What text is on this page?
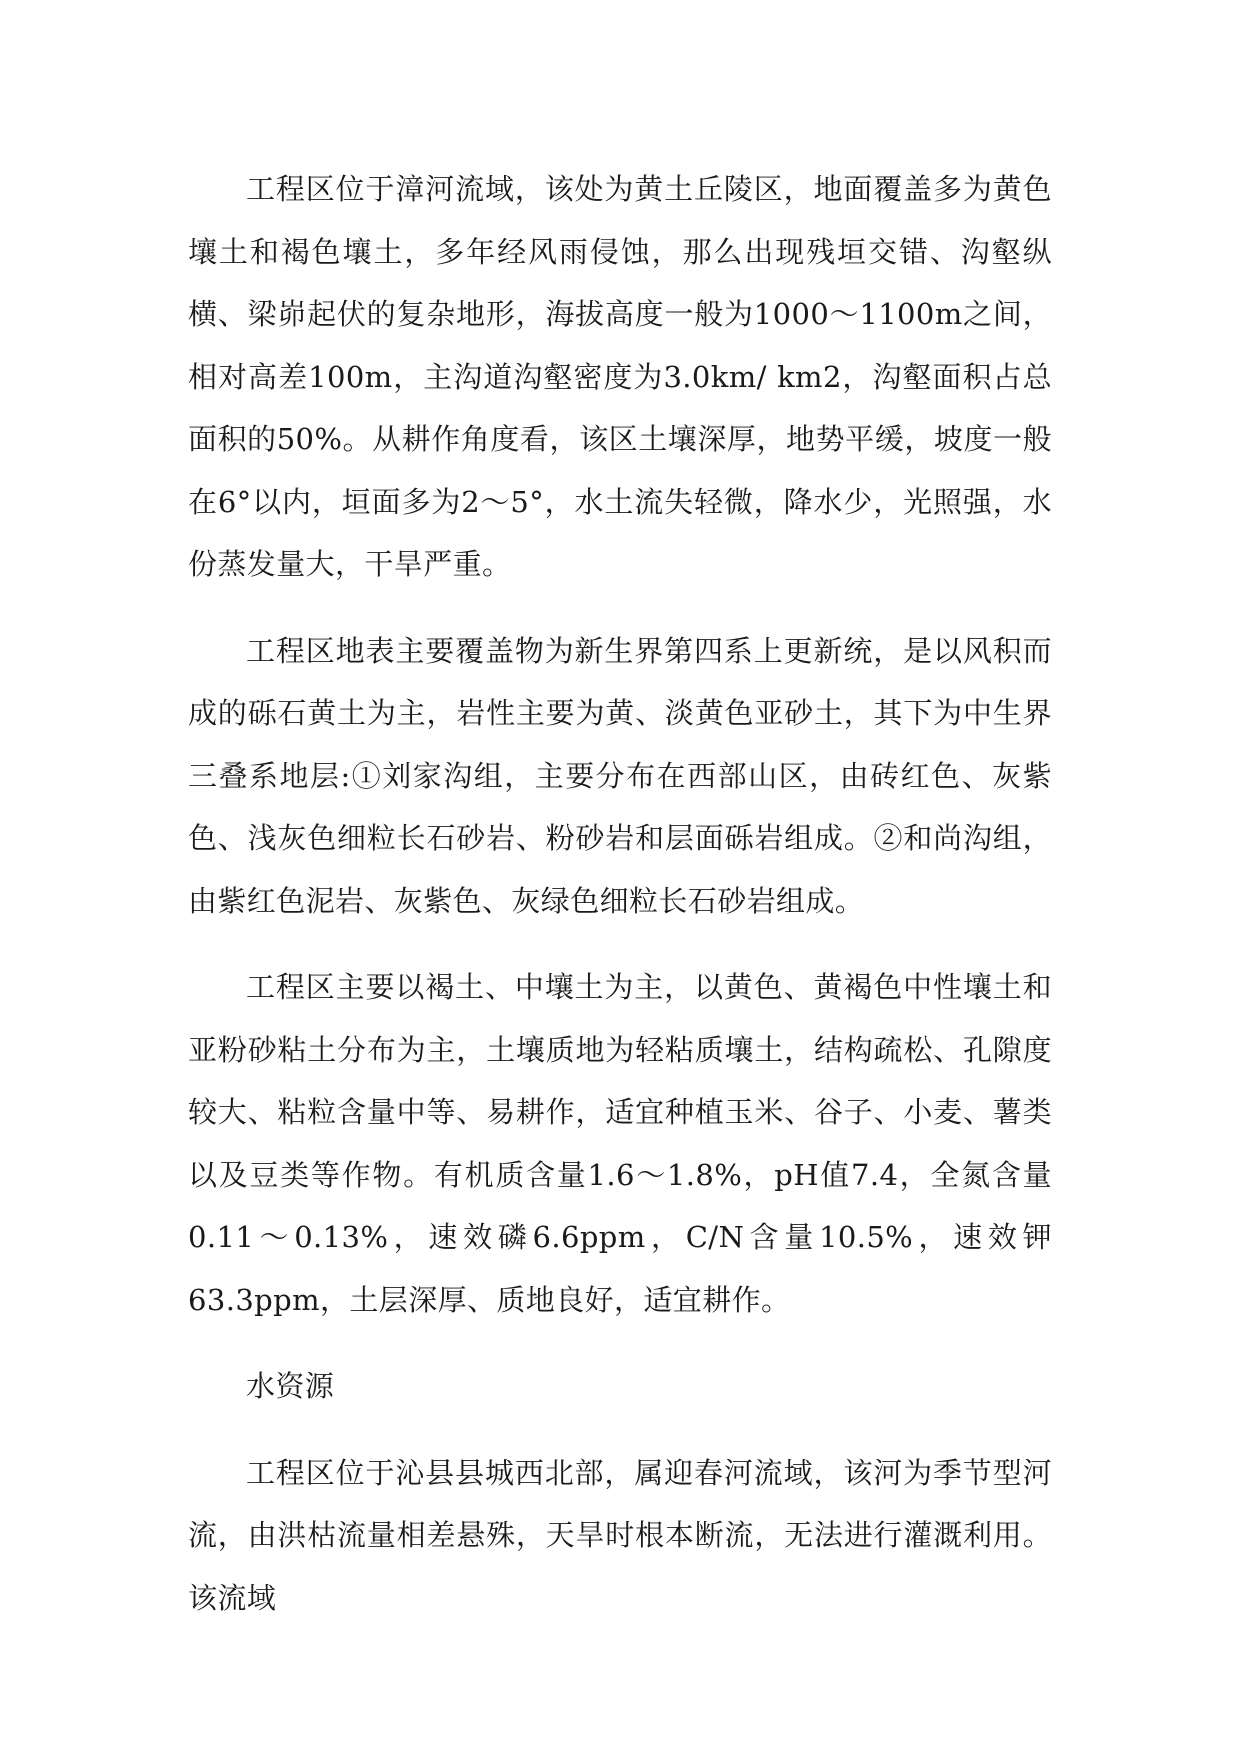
工程区位于漳河流域，该处为黄土丘陵区，地面覆盖多为黄色壤土和褐色壤土，多年经风雨侵蚀，那么出现残垣交错、沟壑纵横、梁峁起伏的复杂地形，海拔高度一般为1000～1100m之间，相对高差100m，主沟道沟壑密度为3.0km/ km2，沟壑面积占总面积的50%。从耕作角度看，该区土壤深厚，地势平缓，坡度一般在6°以内，垣面多为2～5°，水土流失轻微，降水少，光照强，水份蒸发量大，干旱严重。

工程区地表主要覆盖物为新生界第四系上更新统，是以风积而成的砾石黄土为主，岩性主要为黄、淡黄色亚砂土，其下为中生界三叠系地层:①刘家沟组，主要分布在西部山区，由砖红色、灰紫色、浅灰色细粒长石砂岩、粉砂岩和层面砾岩组成。②和尚沟组，由紫红色泥岩、灰紫色、灰绿色细粒长石砂岩组成。

工程区主要以褐土、中壤土为主，以黄色、黄褐色中性壤土和亚粉砂粘土分布为主，土壤质地为轻粘质壤土，结构疏松、孔隙度较大、粘粒含量中等、易耕作，适宜种植玉米、谷子、小麦、薯类以及豆类等作物。有机质含量1.6～1.8%，pH值7.4，全氮含量0.11～0.13%，速效磷6.6ppm，C/N含量10.5%，速效钾63.3ppm，土层深厚、质地良好，适宜耕作。

水资源

工程区位于沁县县城西北部，属迎春河流域，该河为季节型河流，由洪枯流量相差悬殊，天旱时根本断流，无法进行灌溉利用。该流域
